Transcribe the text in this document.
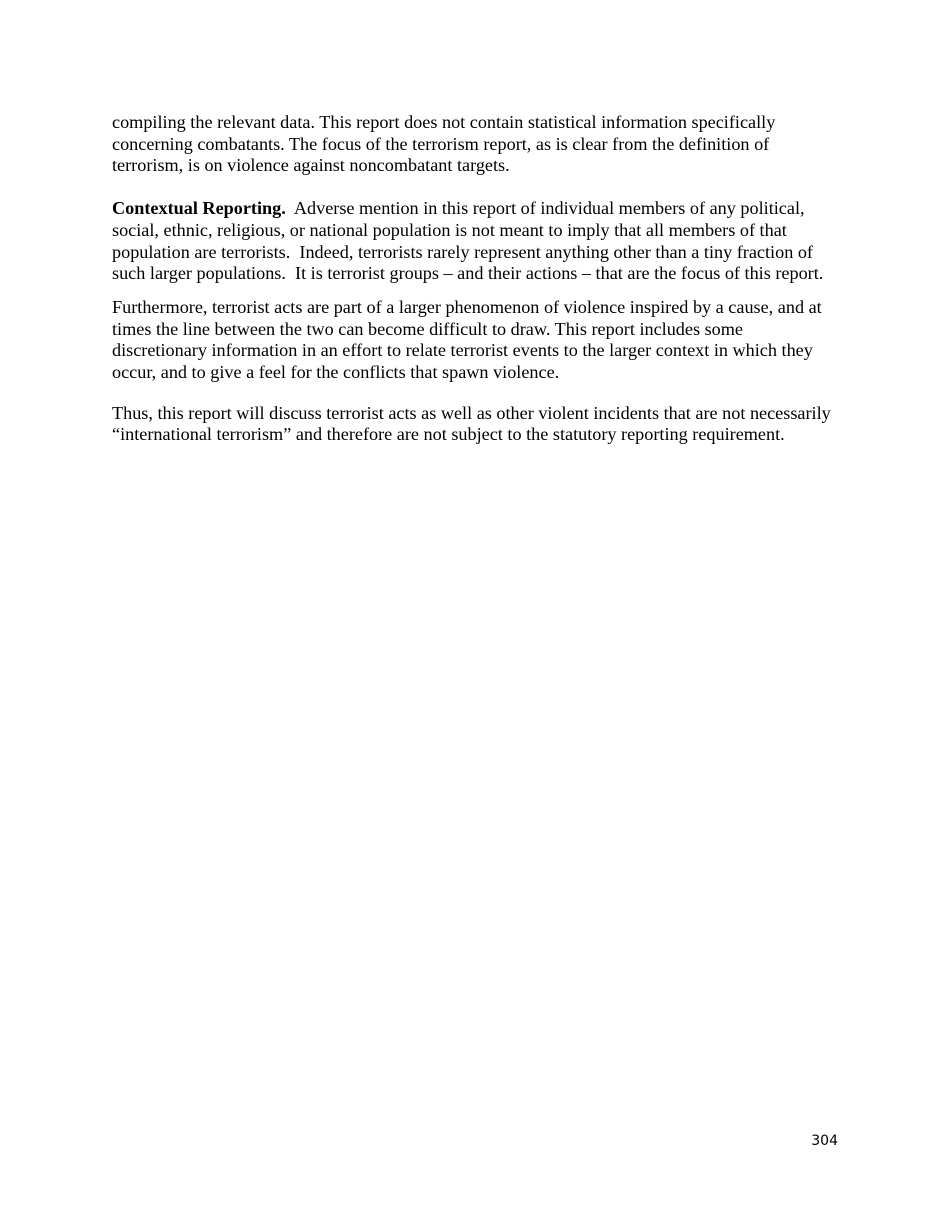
compiling the relevant data. This report does not contain statistical information specifically concerning combatants. The focus of the terrorism report, as is clear from the definition of terrorism, is on violence against noncombatant targets.

Contextual Reporting.  Adverse mention in this report of individual members of any political, social, ethnic, religious, or national population is not meant to imply that all members of that population are terrorists.  Indeed, terrorists rarely represent anything other than a tiny fraction of such larger populations.  It is terrorist groups – and their actions – that are the focus of this report.

Furthermore, terrorist acts are part of a larger phenomenon of violence inspired by a cause, and at times the line between the two can become difficult to draw. This report includes some discretionary information in an effort to relate terrorist events to the larger context in which they occur, and to give a feel for the conflicts that spawn violence.

Thus, this report will discuss terrorist acts as well as other violent incidents that are not necessarily “international terrorism” and therefore are not subject to the statutory reporting requirement.

304
